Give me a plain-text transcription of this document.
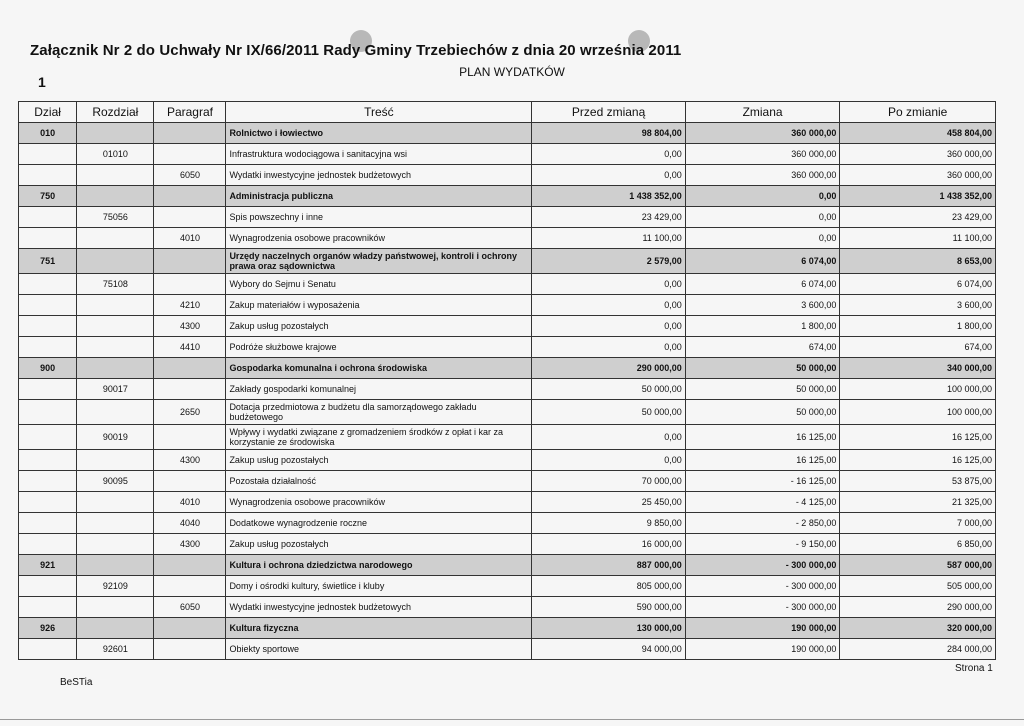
Załącznik Nr 2 do Uchwały Nr IX/66/2011 Rady Gminy Trzebiechów z dnia 20 września 2011
PLAN WYDATKÓW
1
Dział	Rozdział	Paragraf	Treść	Przed zmianą	Zmiana	Po zmianie
010			Rolnictwo i łowiectwo	98 804,00	360 000,00	458 804,00
	01010		Infrastruktura wodociągowa i sanitacyjna wsi	0,00	360 000,00	360 000,00
		6050	Wydatki inwestycyjne jednostek budżetowych	0,00	360 000,00	360 000,00
750			Administracja publiczna	1 438 352,00	0,00	1 438 352,00
	75056		Spis powszechny i inne	23 429,00	0,00	23 429,00
		4010	Wynagrodzenia osobowe pracowników	11 100,00	0,00	11 100,00
751			Urzędy naczelnych organów władzy państwowej, kontroli i ochrony prawa oraz sądownictwa	2 579,00	6 074,00	8 653,00
	75108		Wybory do Sejmu i Senatu	0,00	6 074,00	6 074,00
		4210	Zakup materiałów i wyposażenia	0,00	3 600,00	3 600,00
		4300	Zakup usług pozostałych	0,00	1 800,00	1 800,00
		4410	Podróże służbowe krajowe	0,00	674,00	674,00
900			Gospodarka komunalna i ochrona środowiska	290 000,00	50 000,00	340 000,00
	90017		Zakłady gospodarki komunalnej	50 000,00	50 000,00	100 000,00
		2650	Dotacja przedmiotowa z budżetu dla samorządowego zakładu budżetowego	50 000,00	50 000,00	100 000,00
	90019		Wpływy i wydatki związane z gromadzeniem środków z opłat i kar za korzystanie ze środowiska	0,00	16 125,00	16 125,00
		4300	Zakup usług pozostałych	0,00	16 125,00	16 125,00
	90095		Pozostała działalność	70 000,00	- 16 125,00	53 875,00
		4010	Wynagrodzenia osobowe pracowników	25 450,00	- 4 125,00	21 325,00
		4040	Dodatkowe wynagrodzenie roczne	9 850,00	- 2 850,00	7 000,00
		4300	Zakup usług pozostałych	16 000,00	- 9 150,00	6 850,00
921			Kultura i ochrona dziedzictwa narodowego	887 000,00	- 300 000,00	587 000,00
	92109		Domy i ośrodki kultury, świetlice i kluby	805 000,00	- 300 000,00	505 000,00
		6050	Wydatki inwestycyjne jednostek budżetowych	590 000,00	- 300 000,00	290 000,00
926			Kultura fizyczna	130 000,00	190 000,00	320 000,00
	92601		Obiekty sportowe	94 000,00	190 000,00	284 000,00
BeSTia
Strona 1
